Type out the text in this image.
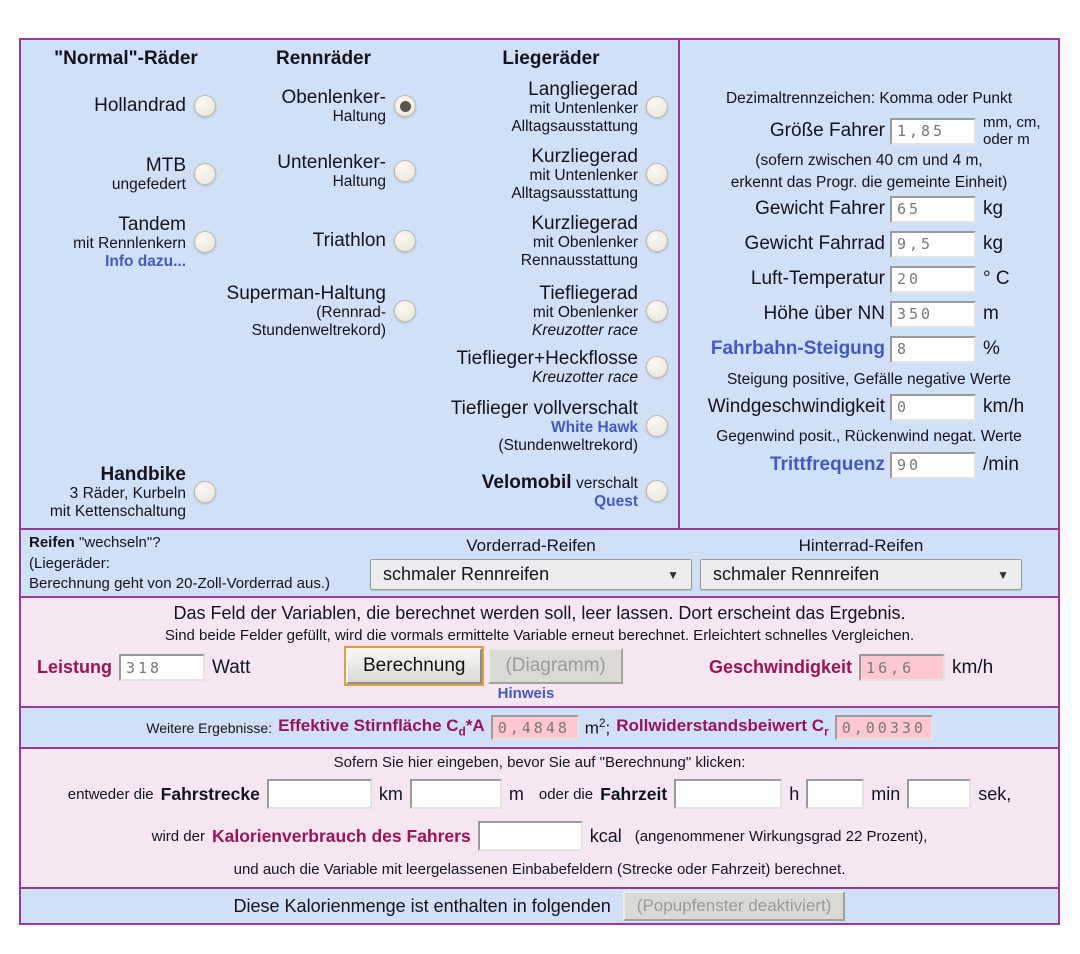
"Normal"-Räder	Rennräder	Liegeräder
Hollandrad
MTB
ungefedert
Tandem
mit Rennlenkern
Info dazu...
Handbike
3 Räder, Kurbeln
mit Kettenschaltung
Obenlenker-
Haltung
Untenlenker-
Haltung
Triathlon
Superman-Haltung
(Rennrad-
Stundenweltrekord)
Langliegerad
mit Untenlenker
Alltagsausstattung
Kurzliegerad
mit Untenlenker
Alltagsausstattung
Kurzliegerad
mit Obenlenker
Rennausstattung
Tiefliegerad
mit Obenlenker
Kreuzotter race
Tieflieger+Heckflosse
Kreuzotter race
Tieflieger vollverschalt
White Hawk
(Stundenweltrekord)
Velomobil verschalt
Quest
Dezimaltrennzeichen: Komma oder Punkt
Größe Fahrer
1,85	mm, cm,
oder m
(sofern zwischen 40 cm und 4 m,
erkennt das Progr. die gemeinte Einheit)
Gewicht Fahrer
65	kg
Gewicht Fahrrad
9,5	kg
Luft-Temperatur
20	° C
Höhe über NN
350	m
Fahrbahn-Steigung
8	%
Steigung positive, Gefälle negative Werte
Windgeschwindigkeit
0	km/h
Gegenwind posit., Rückenwind negat. Werte
Trittfrequenz
90	/min
Reifen "wechseln"?
(Liegeräder:
Berechnung geht von 20-Zoll-Vorderrad aus.)
Vorderrad-Reifen	Hinterrad-Reifen
schmaler Rennreifen	▼ schmaler Rennreifen	▼
Das Feld der Variablen, die berechnet werden soll, leer lassen. Dort erscheint das Ergebnis.
Sind beide Felder gefüllt, wird die vormals ermittelte Variable erneut berechnet. Erleichtert schnelles Vergleichen.
Leistung
318	Watt	Berechnung	(Diagramm)
Hinweis
Geschwindigkeit
16,6	km/h
Weitere Ergebnisse: Effektive Stirnfläche $C_d*A$
0,4848	$m^2$; Rollwiderstandsbeiwert $C_r$
0,00330
Sofern Sie hier eingeben, bevor Sie auf "Berechnung" klicken:
entweder die Fahrstrecke	km	m oder die Fahrzeit	h	min	sek,
wird der Kalorienverbrauch des Fahrers	kcal (angenommener Wirkungsgrad 22 Prozent),
und auch die Variable mit leergelassenen Einbabefeldern (Strecke oder Fahrzeit) berechnet.
Diese Kalorienmenge ist enthalten in folgenden	(Popupfenster deaktiviert)
